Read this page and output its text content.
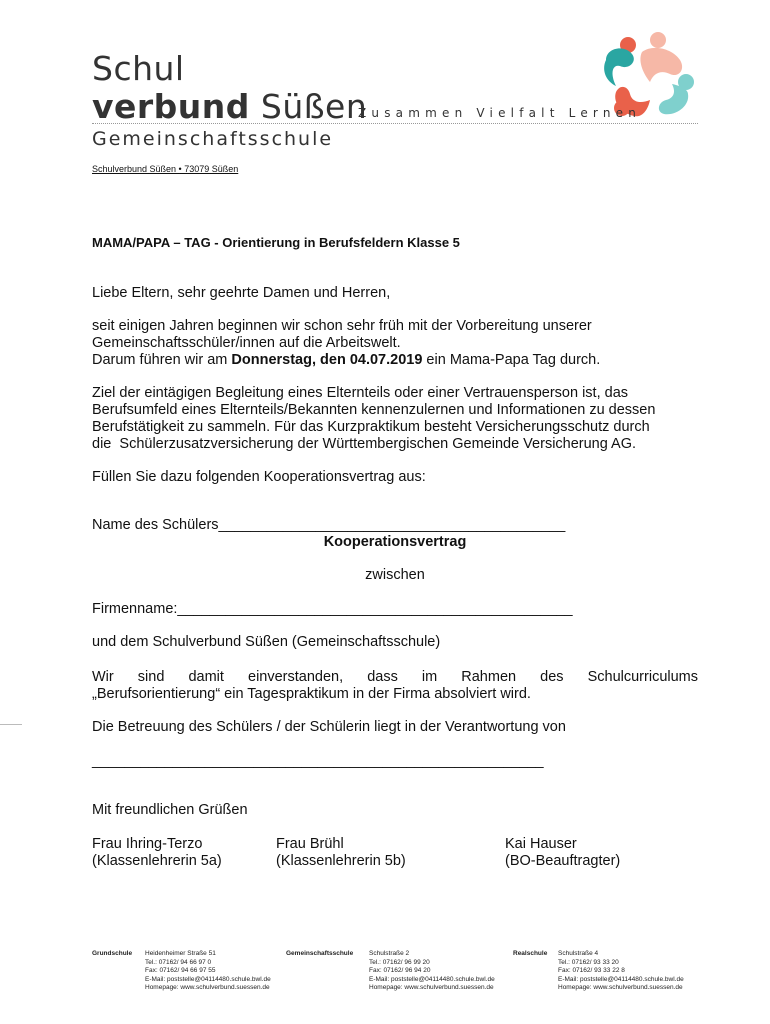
Schul
verbund Süßen
Zusammen Vielfalt Lernen
Gemeinschaftsschule
Schulverbund Süßen • 73079 Süßen
MAMA/PAPA – TAG - Orientierung in Berufsfeldern Klasse 5
Liebe Eltern, sehr geehrte Damen und Herren,
seit einigen Jahren beginnen wir schon sehr früh mit der Vorbereitung unserer
Gemeinschaftsschüler/innen auf die Arbeitswelt.
Darum führen wir am Donnerstag, den 04.07.2019 ein Mama-Papa Tag durch.
Ziel der eintägigen Begleitung eines Elternteils oder einer Vertrauensperson ist, das
Berufsumfeld eines Elternteils/Bekannten kennenzulernen und Informationen zu dessen
Berufstätigkeit zu sammeln. Für das Kurzpraktikum besteht Versicherungsschutz durch
die  Schülerzusatzversicherung der Württembergischen Gemeinde Versicherung AG.
Füllen Sie dazu folgenden Kooperationsvertrag aus:
Name des Schülers___________________________________________
Kooperationsvertrag
zwischen
Firmenname:_________________________________________________
und dem Schulverbund Süßen (Gemeinschaftsschule)
Wir sind damit einverstanden, dass im Rahmen des Schulcurriculums
„Berufsorientierung“ ein Tagespraktikum in der Firma absolviert wird.
Die Betreuung des Schülers / der Schülerin liegt in der Verantwortung von
________________________________________________________
Mit freundlichen Grüßen
Frau Ihring-Terzo
(Klassenlehrerin 5a)
Frau Brühl
(Klassenlehrerin 5b)
Kai Hauser
(BO-Beauftragter)
Grundschule Heidenheimer Straße 51
Tel.: 07162/ 94 66 97 0
Fax: 07162/ 94 66 97 55
E-Mail: poststelle@04114480.schule.bwl.de
Homepage: www.schulverbund.suessen.de
Gemeinschaftsschule Schulstraße 2
Tel.: 07162/ 96 99 20
Fax: 07162/ 96 94 20
E-Mail: poststelle@04114480.schule.bwl.de
Homepage: www.schulverbund.suessen.de
Realschule Schulstraße 4
Tel.: 07162/ 93 33 20
Fax: 07162/ 93 33 22 8
E-Mail: poststelle@04114480.schule.bwl.de
Homepage: www.schulverbund.suessen.de
